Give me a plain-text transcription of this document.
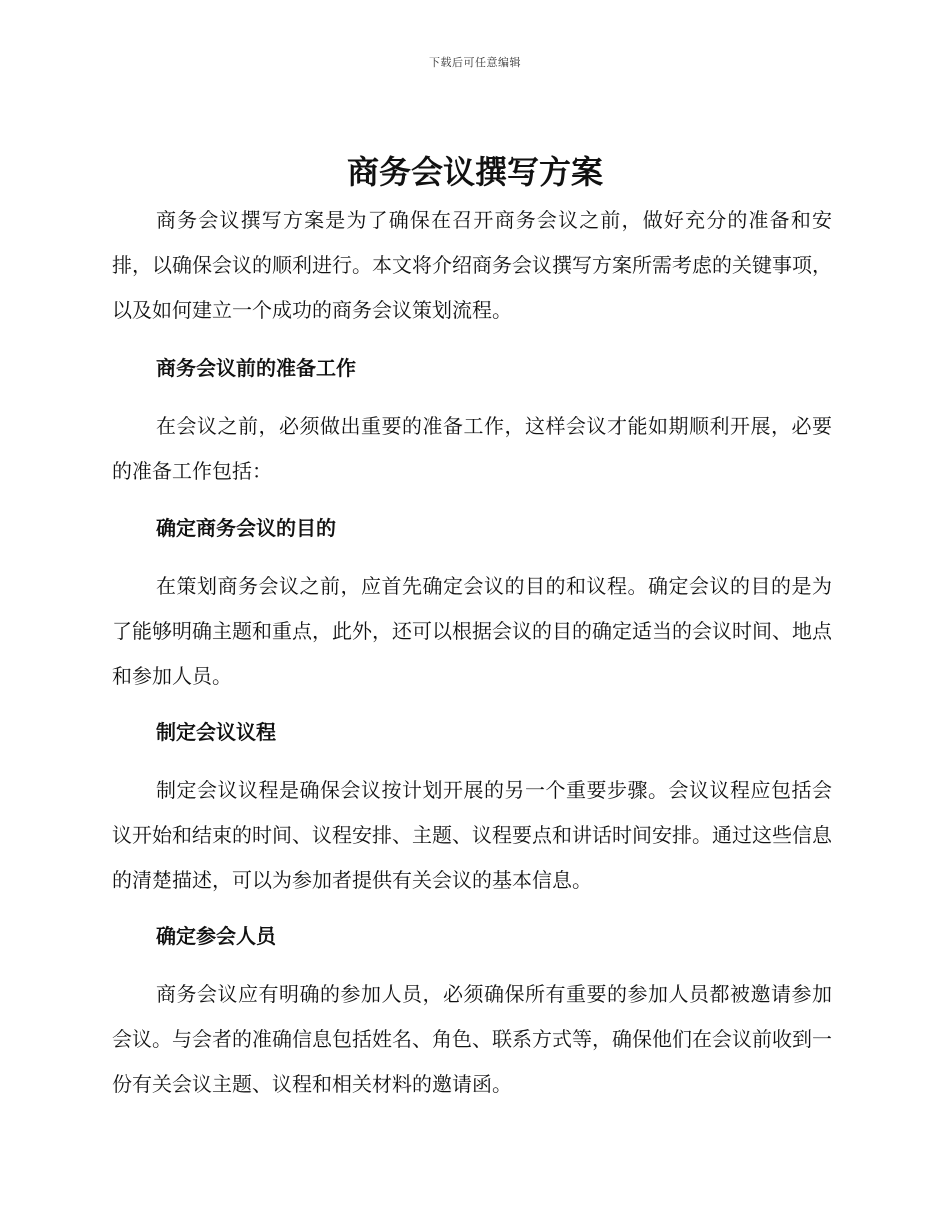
下载后可任意编辑
商务会议撰写方案

商务会议撰写方案是为了确保在召开商务会议之前，做好充分的准备和安排，以确保会议的顺利进行。本文将介绍商务会议撰写方案所需考虑的关键事项，以及如何建立一个成功的商务会议策划流程。

商务会议前的准备工作

在会议之前，必须做出重要的准备工作，这样会议才能如期顺利开展，必要的准备工作包括：

确定商务会议的目的

在策划商务会议之前，应首先确定会议的目的和议程。确定会议的目的是为了能够明确主题和重点，此外，还可以根据会议的目的确定适当的会议时间、地点和参加人员。

制定会议议程

制定会议议程是确保会议按计划开展的另一个重要步骤。会议议程应包括会议开始和结束的时间、议程安排、主题、议程要点和讲话时间安排。通过这些信息的清楚描述，可以为参加者提供有关会议的基本信息。

确定参会人员

商务会议应有明确的参加人员，必须确保所有重要的参加人员都被邀请参加会议。与会者的准确信息包括姓名、角色、联系方式等，确保他们在会议前收到一份有关会议主题、议程和相关材料的邀请函。
